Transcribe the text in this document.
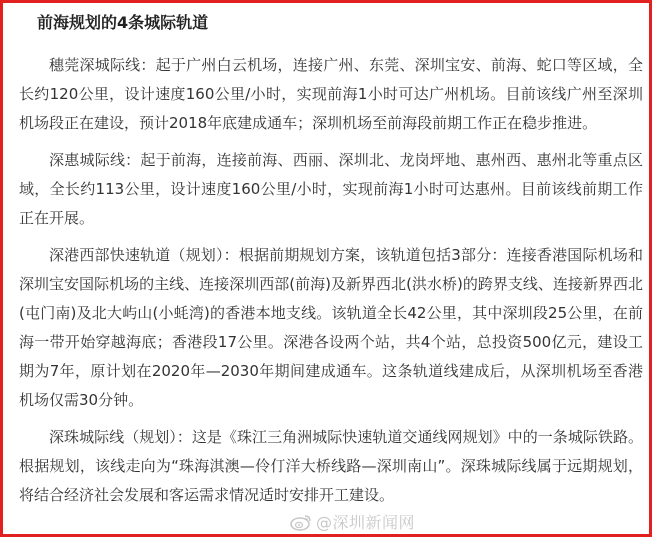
前海规划的4条城际轨道

穗莞深城际线：起于广州白云机场，连接广州、东莞、深圳宝安、前海、蛇口等区域，全长约120公里，设计速度160公里/小时，实现前海1小时可达广州机场。目前该线广州至深圳机场段正在建设，预计2018年底建成通车；深圳机场至前海段前期工作正在稳步推进。

深惠城际线：起于前海，连接前海、西丽、深圳北、龙岗坪地、惠州西、惠州北等重点区域，全长约113公里，设计速度160公里/小时，实现前海1小时可达惠州。目前该线前期工作正在开展。

深港西部快速轨道（规划）：根据前期规划方案，该轨道包括3部分：连接香港国际机场和深圳宝安国际机场的主线、连接深圳西部(前海)及新界西北(洪水桥)的跨界支线、连接新界西北(屯门南)及北大屿山(小蚝湾)的香港本地支线。该轨道全长42公里，其中深圳段25公里，在前海一带开始穿越海底；香港段17公里。深港各设两个站，共4个站，总投资500亿元，建设工期为7年，原计划在2020年—2030年期间建成通车。这条轨道线建成后，从深圳机场至香港机场仅需30分钟。

深珠城际线（规划）：这是《珠江三角洲城际快速轨道交通线网规划》中的一条城际铁路。根据规划，该线走向为“珠海淇澳—伶仃洋大桥线路—深圳南山”。深珠城际线属于远期规划，将结合经济社会发展和客运需求情况适时安排开工建设。

@深圳新闻网
